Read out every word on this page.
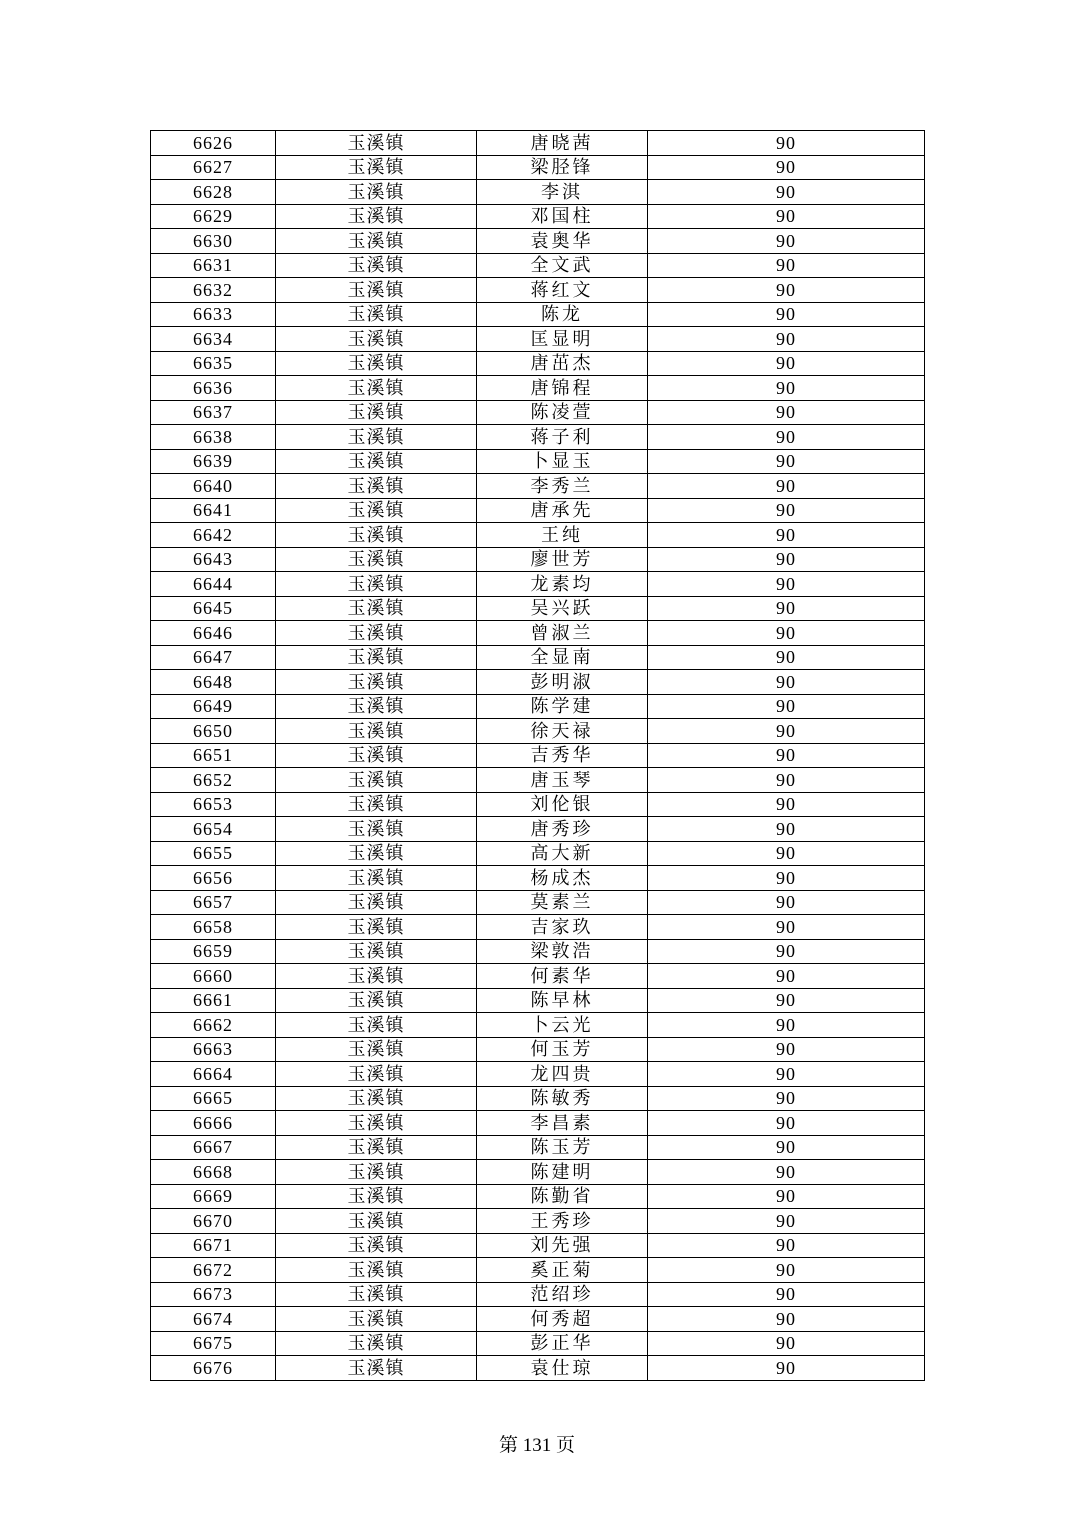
6626	玉溪镇	唐晓茜	90
6627	玉溪镇	梁胫锋	90
6628	玉溪镇	李淇	90
6629	玉溪镇	邓国柱	90
6630	玉溪镇	袁奥华	90
6631	玉溪镇	全文武	90
6632	玉溪镇	蒋红文	90
6633	玉溪镇	陈龙	90
6634	玉溪镇	匡显明	90
6635	玉溪镇	唐茁杰	90
6636	玉溪镇	唐锦程	90
6637	玉溪镇	陈凌萱	90
6638	玉溪镇	蒋子利	90
6639	玉溪镇	卜显玉	90
6640	玉溪镇	李秀兰	90
6641	玉溪镇	唐承先	90
6642	玉溪镇	王纯	90
6643	玉溪镇	廖世芳	90
6644	玉溪镇	龙素均	90
6645	玉溪镇	吴兴跃	90
6646	玉溪镇	曾淑兰	90
6647	玉溪镇	全显南	90
6648	玉溪镇	彭明淑	90
6649	玉溪镇	陈学建	90
6650	玉溪镇	徐天禄	90
6651	玉溪镇	吉秀华	90
6652	玉溪镇	唐玉琴	90
6653	玉溪镇	刘伦银	90
6654	玉溪镇	唐秀珍	90
6655	玉溪镇	高大新	90
6656	玉溪镇	杨成杰	90
6657	玉溪镇	莫素兰	90
6658	玉溪镇	吉家玖	90
6659	玉溪镇	梁敦浩	90
6660	玉溪镇	何素华	90
6661	玉溪镇	陈早林	90
6662	玉溪镇	卜云光	90
6663	玉溪镇	何玉芳	90
6664	玉溪镇	龙四贵	90
6665	玉溪镇	陈敏秀	90
6666	玉溪镇	李昌素	90
6667	玉溪镇	陈玉芳	90
6668	玉溪镇	陈建明	90
6669	玉溪镇	陈勤省	90
6670	玉溪镇	王秀珍	90
6671	玉溪镇	刘先强	90
6672	玉溪镇	奚正菊	90
6673	玉溪镇	范绍珍	90
6674	玉溪镇	何秀超	90
6675	玉溪镇	彭正华	90
6676	玉溪镇	袁仕琼	90
第 131 页
